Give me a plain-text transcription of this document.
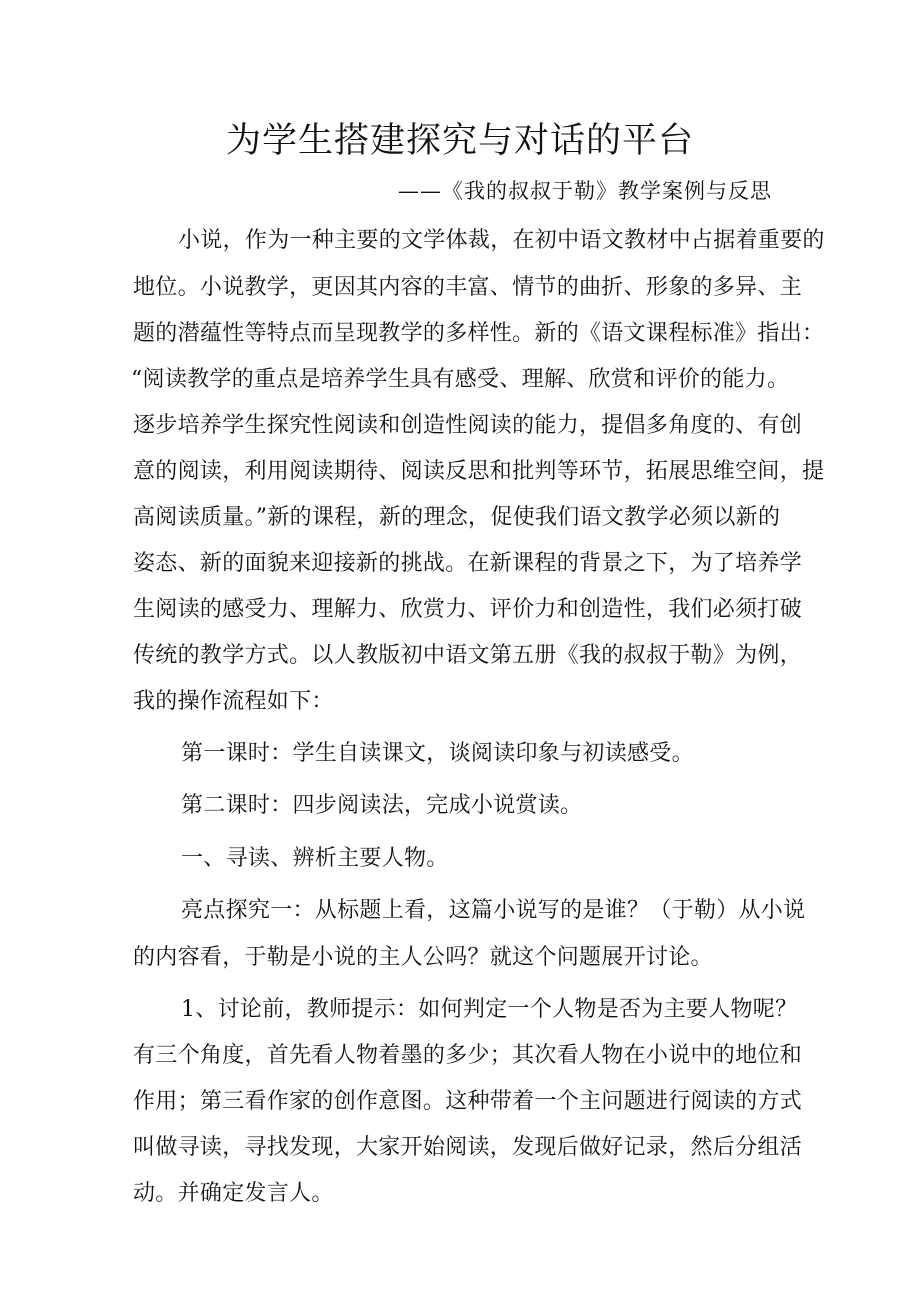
为学生搭建探究与对话的平台
——《我的叔叔于勒》教学案例与反思
小说，作为一种主要的文学体裁，在初中语文教材中占据着重要的
地位。小说教学，更因其内容的丰富、情节的曲折、形象的多异、主
题的潜蕴性等特点而呈现教学的多样性。新的《语文课程标准》指出：
“阅读教学的重点是培养学生具有感受、理解、欣赏和评价的能力。
逐步培养学生探究性阅读和创造性阅读的能力，提倡多角度的、有创
意的阅读，利用阅读期待、阅读反思和批判等环节，拓展思维空间，提
高阅读质量。”新的课程，新的理念，促使我们语文教学必须以新的
姿态、新的面貌来迎接新的挑战。在新课程的背景之下，为了培养学
生阅读的感受力、理解力、欣赏力、评价力和创造性，我们必须打破
传统的教学方式。以人教版初中语文第五册《我的叔叔于勒》为例，
我的操作流程如下：
第一课时：学生自读课文，谈阅读印象与初读感受。
第二课时：四步阅读法，完成小说赏读。
一、寻读、辨析主要人物。
亮点探究一：从标题上看，这篇小说写的是谁？（于勒）从小说
的内容看，于勒是小说的主人公吗？就这个问题展开讨论。
1、讨论前，教师提示：如何判定一个人物是否为主要人物呢？
有三个角度，首先看人物着墨的多少；其次看人物在小说中的地位和
作用；第三看作家的创作意图。这种带着一个主问题进行阅读的方式
叫做寻读，寻找发现，大家开始阅读，发现后做好记录，然后分组活
动。并确定发言人。
